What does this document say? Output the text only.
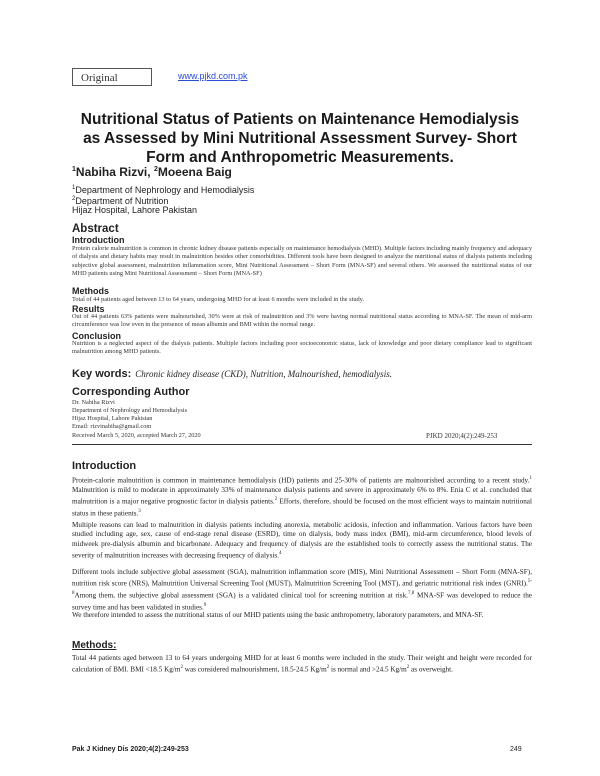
Original	www.pjkd.com.pk
Nutritional Status of Patients on Maintenance Hemodialysis as Assessed by Mini Nutritional Assessment Survey- Short Form and Anthropometric Measurements.
$^1$Nabiha Rizvi, $^2$Moeena Baig
$^1$Department of Nephrology and Hemodialysis
$^2$Department of Nutrition
Hijaz Hospital, Lahore Pakistan
Abstract
Introduction
Protein calorie malnutrition is common in chronic kidney disease patients especially on maintenance hemodialysis (MHD). Multiple factors including mainly frequency and adequacy of dialysis and dietary habits may result in malnutrition besides other comorbidities. Different tools have been designed to analyze the nutritional status of dialysis patients including subjective global assessment, malnutrition inflammation score, Mini Nutritional Assessment – Short Form (MNA-SF) and several others. We assessed the nutritional status of our MHD patients using Mini Nutritional Assessment – Short Form (MNA-SF)
Methods
Total of 44 patients aged between 13 to 64 years, undergoing MHD for at least 6 months were included in the study.
Results
Out of 44 patients 63% patients were malnourished, 30% were at risk of malnutrition and 3% were having normal nutritional status according to MNA-SF. The mean of mid-arm circumference was low even in the presence of mean albumin and BMI within the normal range.
Conclusion
Nutrition is a neglected aspect of the dialysis patients. Multiple factors including poor socioeconomic status, lack of knowledge and poor dietary compliance lead to significant malnutrition among MHD patients.
Key words: Chronic kidney disease (CKD), Nutrition, Malnourished, hemodialysis.
Corresponding Author
Dr. Nabiha Rizvi
Department of Nephrology and Hemodialysis
Hijaz Hospital, Lahore Pakistan
Email: rizvinabiha@gmail.com
Received March 5, 2020, accepted March 27, 2020	PJKD 2020;4(2):249-253
Introduction
Protein-calorie malnutrition is common in maintenance hemodialysis (HD) patients and 25-30% of patients are malnourished according to a recent study.$^1$ Malnutrition is mild to moderate in approximately 33% of maintenance dialysis patients and severe in approximately 6% to 8%. Enia C et al. concluded that malnutrition is a major negative prognostic factor in dialysis patients.$^2$ Efforts, therefore, should be focused on the most efficient ways to maintain nutritional status in these patients.$^3$
Multiple reasons can lead to malnutrition in dialysis patients including anorexia, metabolic acidosis, infection and inflammation. Various factors have been studied including age, sex, cause of end-stage renal disease (ESRD), time on dialysis, body mass index (BMI), mid-arm circumference, blood levels of midweek pre-dialysis albumin and bicarbonate. Adequacy and frequency of dialysis are the established tools to correctly assess the nutritional status. The severity of malnutrition increases with decreasing frequency of dialysis.$^4$
Different tools include subjective global assessment (SGA), malnutrition inflammation score (MIS), Mini Nutritional Assessment – Short Form (MNA-SF), nutrition risk score (NRS), Malnutrition Universal Screening Tool (MUST), Malnutrition Screening Tool (MST), and geriatric nutritional risk index (GNRI).$^{5-8}$Among them, the subjective global assessment (SGA) is a validated clinical tool for screening nutrition at risk.$^{7,8}$ MNA-SF was developed to reduce the survey time and has been validated in studies.$^9$
We therefore intended to assess the nutritional status of our MHD patients using the basic anthropometry, laboratory parameters, and MNA-SF.
Methods:
Total 44 patients aged between 13 to 64 years undergoing MHD for at least 6 months were included in the study. Their weight and height were recorded for calculation of BMI. BMI <18.5 $Kg/m^2$ was considered malnourishment, 18.5-24.5 $Kg/m^2$ is normal and >24.5 $Kg/m^2$ as overweight.
Pak J Kidney Dis 2020;4(2):249-253	249
